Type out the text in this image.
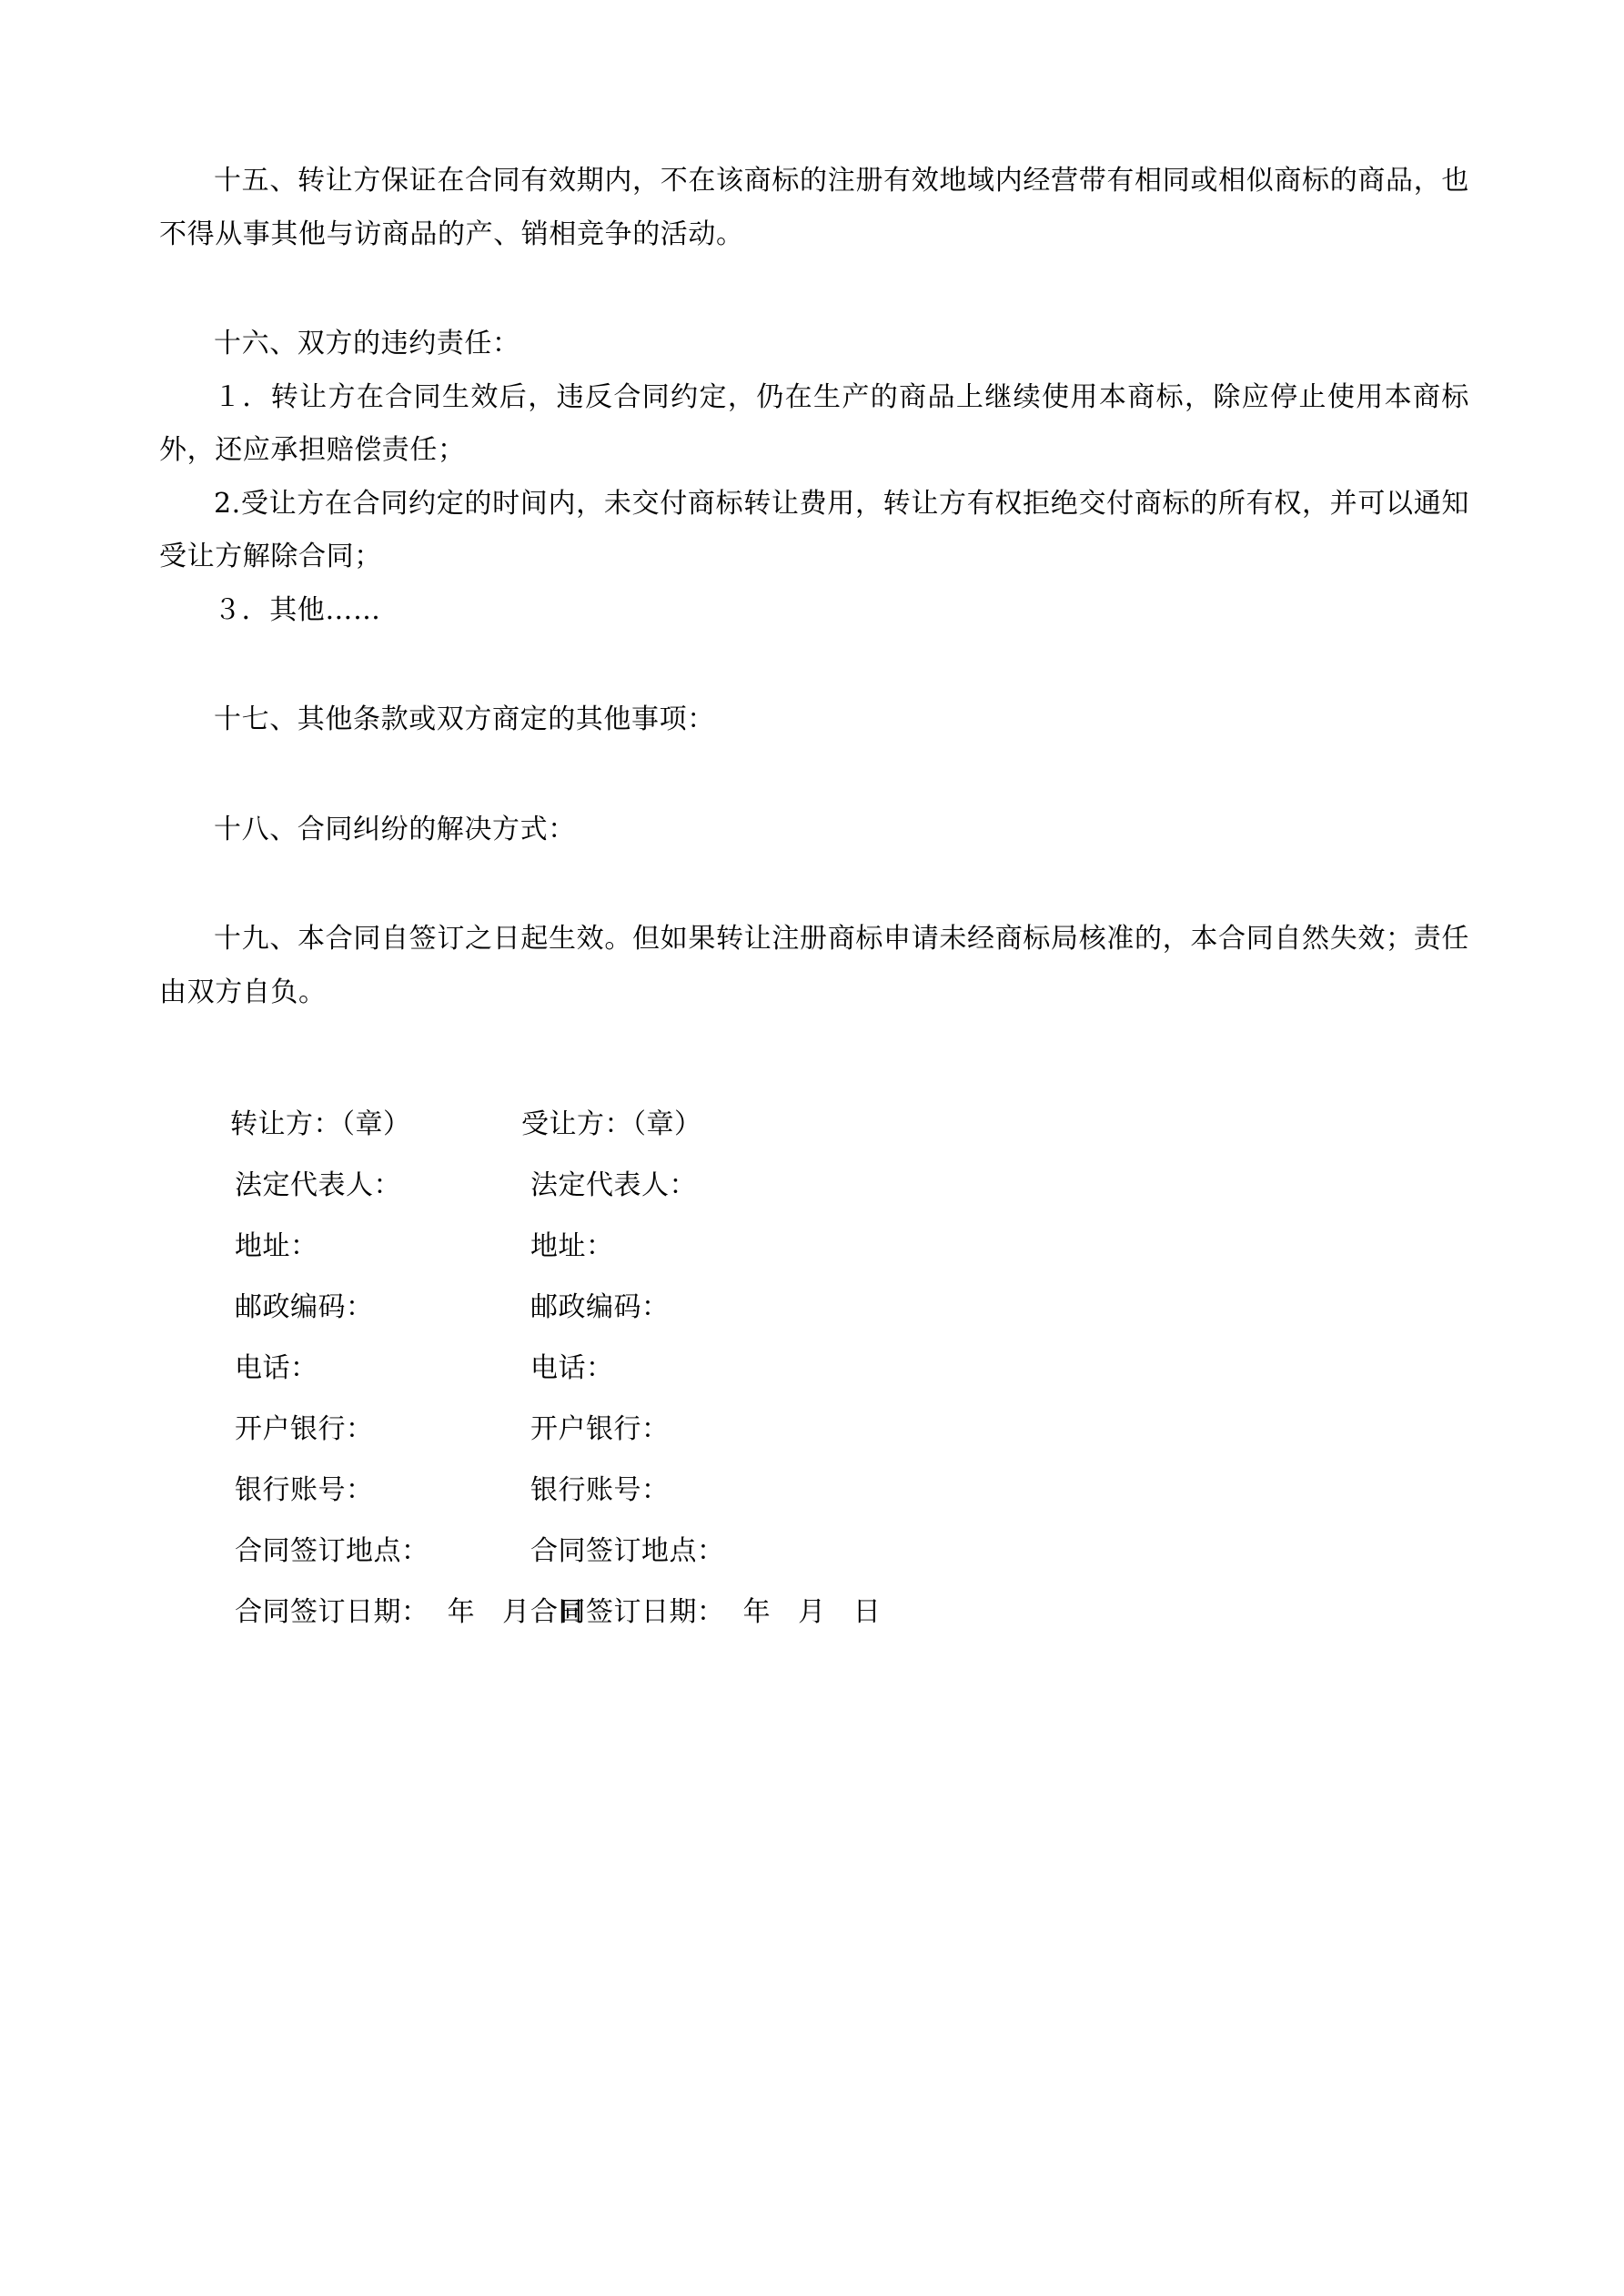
十五、转让方保证在合同有效期内，不在该商标的注册有效地域内经营带有相同或相似商标的商品，也不得从事其他与访商品的产、销相竞争的活动。

十六、双方的违约责任：

１．转让方在合同生效后，违反合同约定，仍在生产的商品上继续使用本商标，除应停止使用本商标外，还应承担赔偿责任；

2.受让方在合同约定的时间内，未交付商标转让费用，转让方有权拒绝交付商标的所有权，并可以通知受让方解除合同；

３．其他……

十七、其他条款或双方商定的其他事项：

十八、合同纠纷的解决方式：

十九、本合同自签订之日起生效。但如果转让注册商标申请未经商标局核准的，本合同自然失效；责任由双方自负。

转让方：（章）	受让方：（章）
法定代表人：	法定代表人：
地址：	地址：
邮政编码：	邮政编码：
电话：	电话：
开户银行：	开户银行：
银行账号：	银行账号：
合同签订地点：	合同签订地点：
合同签订日期：  年   月   日
合同签订日期：  年   月   日
